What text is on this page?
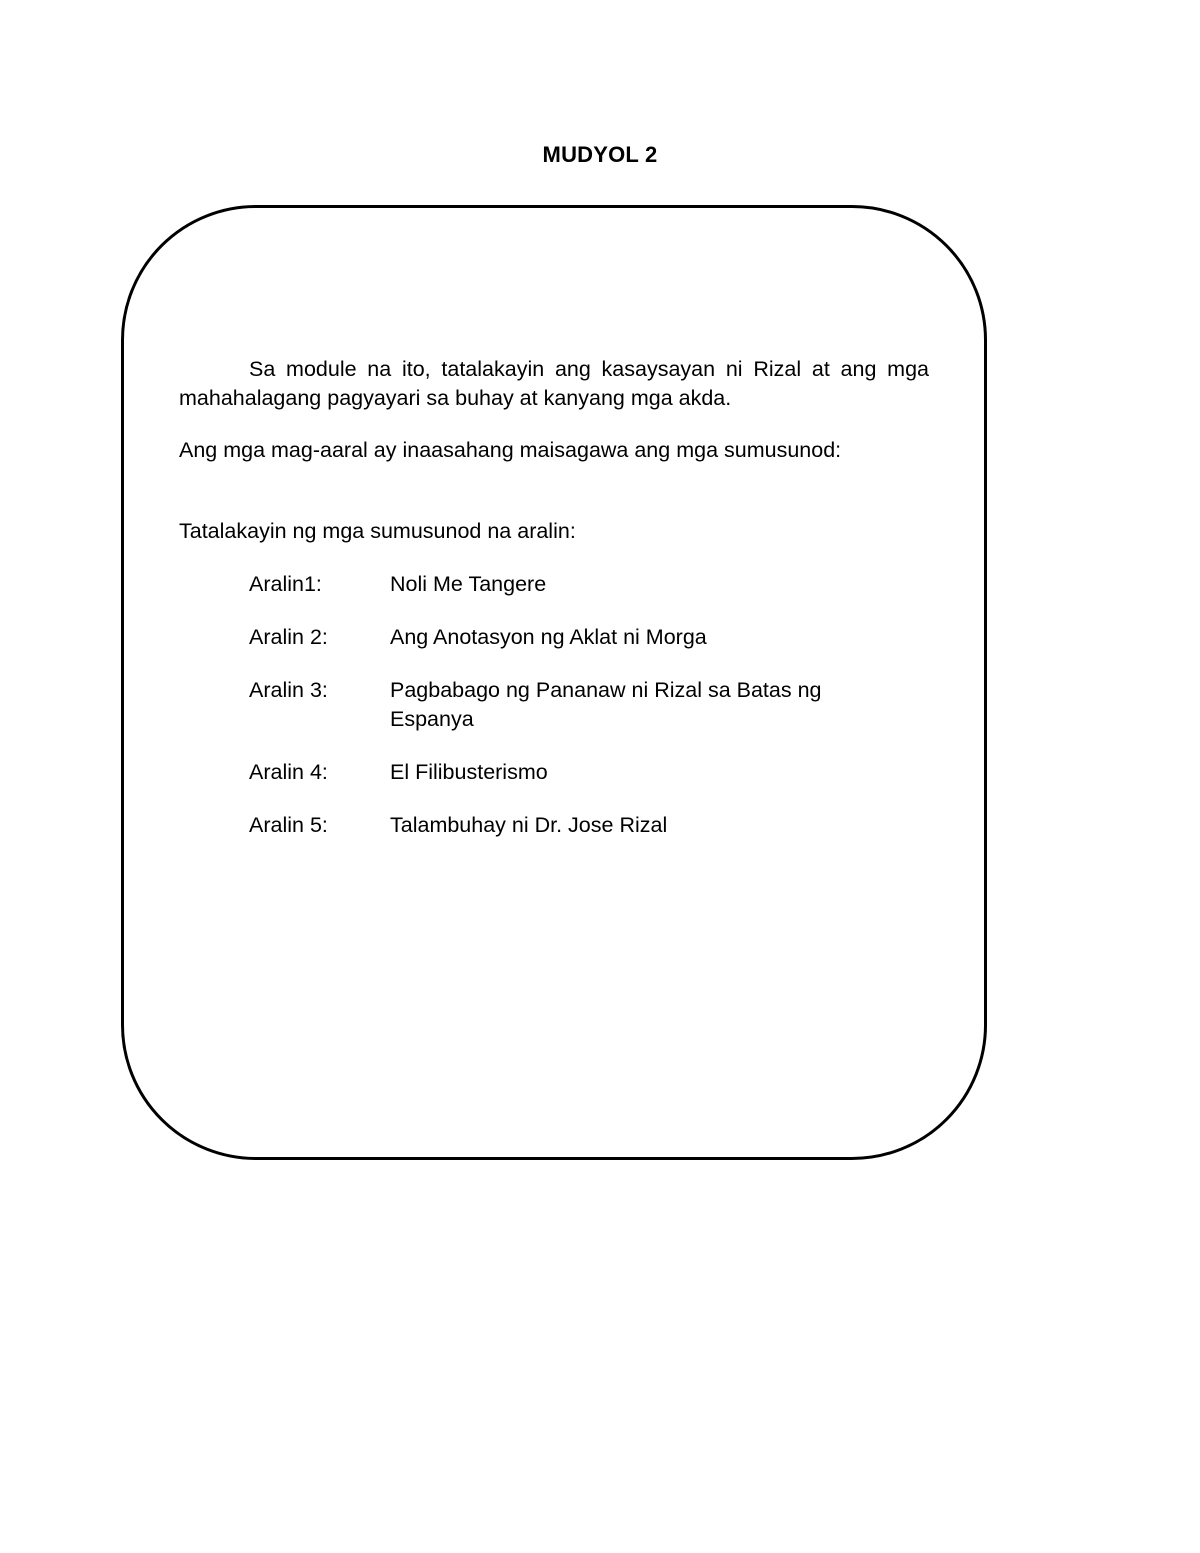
MUDYOL 2

Sa module na ito, tatalakayin ang kasaysayan ni Rizal at ang mga mahahalagang pagyayari sa buhay at kanyang mga akda.

Ang mga mag-aaral ay inaasahang maisagawa ang mga sumusunod:

Tatalakayin ng mga sumusunod na aralin:

Aralin1:	Noli Me Tangere
Aralin 2:	Ang Anotasyon ng Aklat ni Morga
Aralin 3:	Pagbabago ng Pananaw ni Rizal sa Batas ng Espanya
Aralin 4:	El Filibusterismo
Aralin 5:	Talambuhay ni Dr. Jose Rizal
